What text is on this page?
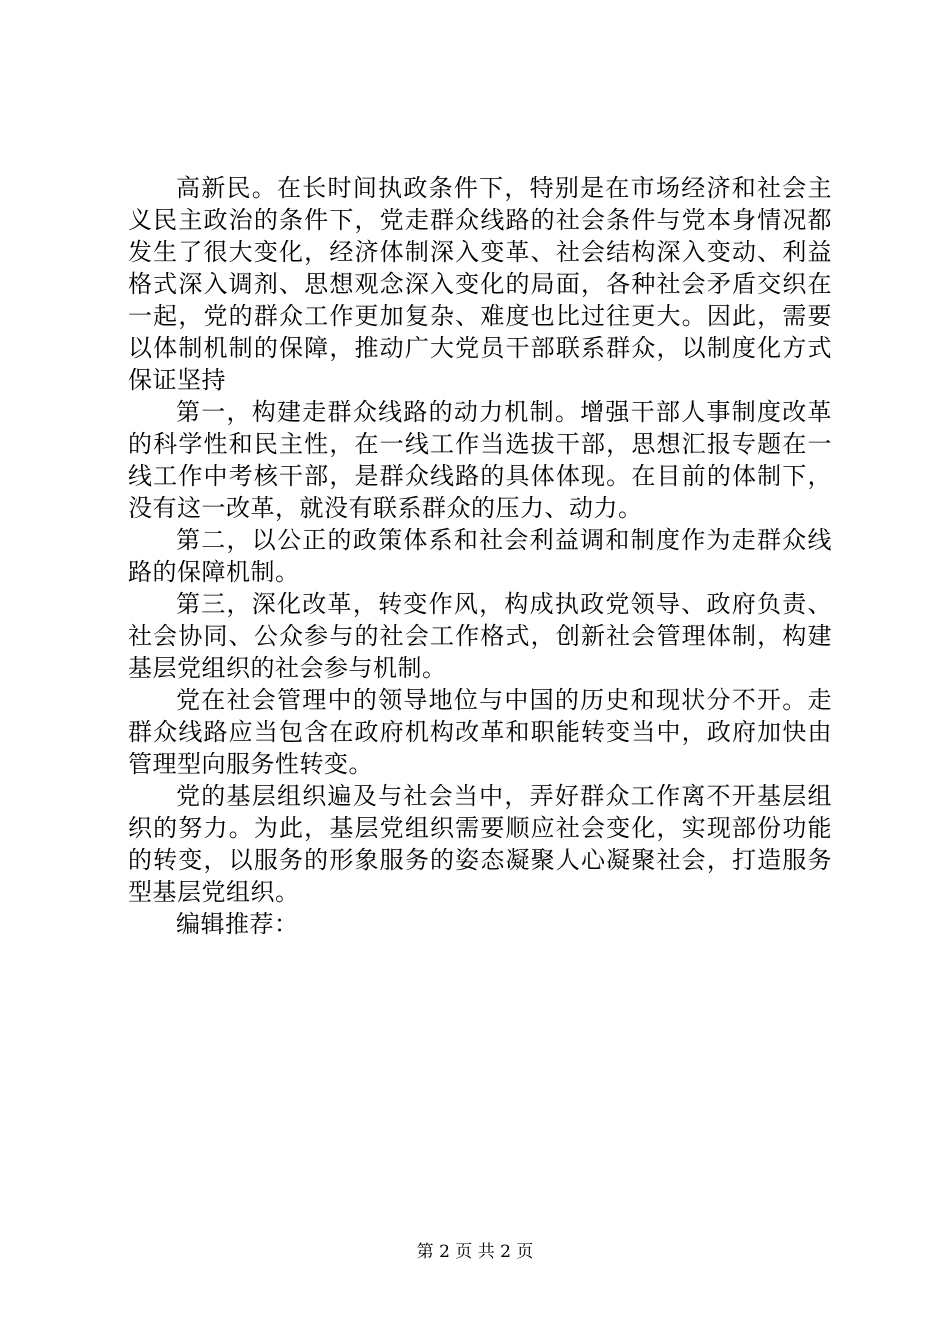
高新民。在长时间执政条件下，特别是在市场经济和社会主义民主政治的条件下，党走群众线路的社会条件与党本身情况都发生了很大变化，经济体制深入变革、社会结构深入变动、利益格式深入调剂、思想观念深入变化的局面，各种社会矛盾交织在一起，党的群众工作更加复杂、难度也比过往更大。因此，需要以体制机制的保障，推动广大党员干部联系群众，以制度化方式保证坚持

第一，构建走群众线路的动力机制。增强干部人事制度改革的科学性和民主性，在一线工作当选拔干部，思想汇报专题在一线工作中考核干部，是群众线路的具体体现。在目前的体制下，没有这一改革，就没有联系群众的压力、动力。

第二，以公正的政策体系和社会利益调和制度作为走群众线路的保障机制。

第三，深化改革，转变作风，构成执政党领导、政府负责、社会协同、公众参与的社会工作格式，创新社会管理体制，构建基层党组织的社会参与机制。

党在社会管理中的领导地位与中国的历史和现状分不开。走群众线路应当包含在政府机构改革和职能转变当中，政府加快由管理型向服务性转变。

党的基层组织遍及与社会当中，弄好群众工作离不开基层组织的努力。为此，基层党组织需要顺应社会变化，实现部份功能的转变，以服务的形象服务的姿态凝聚人心凝聚社会，打造服务型基层党组织。

编辑推荐：

第 2 页 共 2 页
